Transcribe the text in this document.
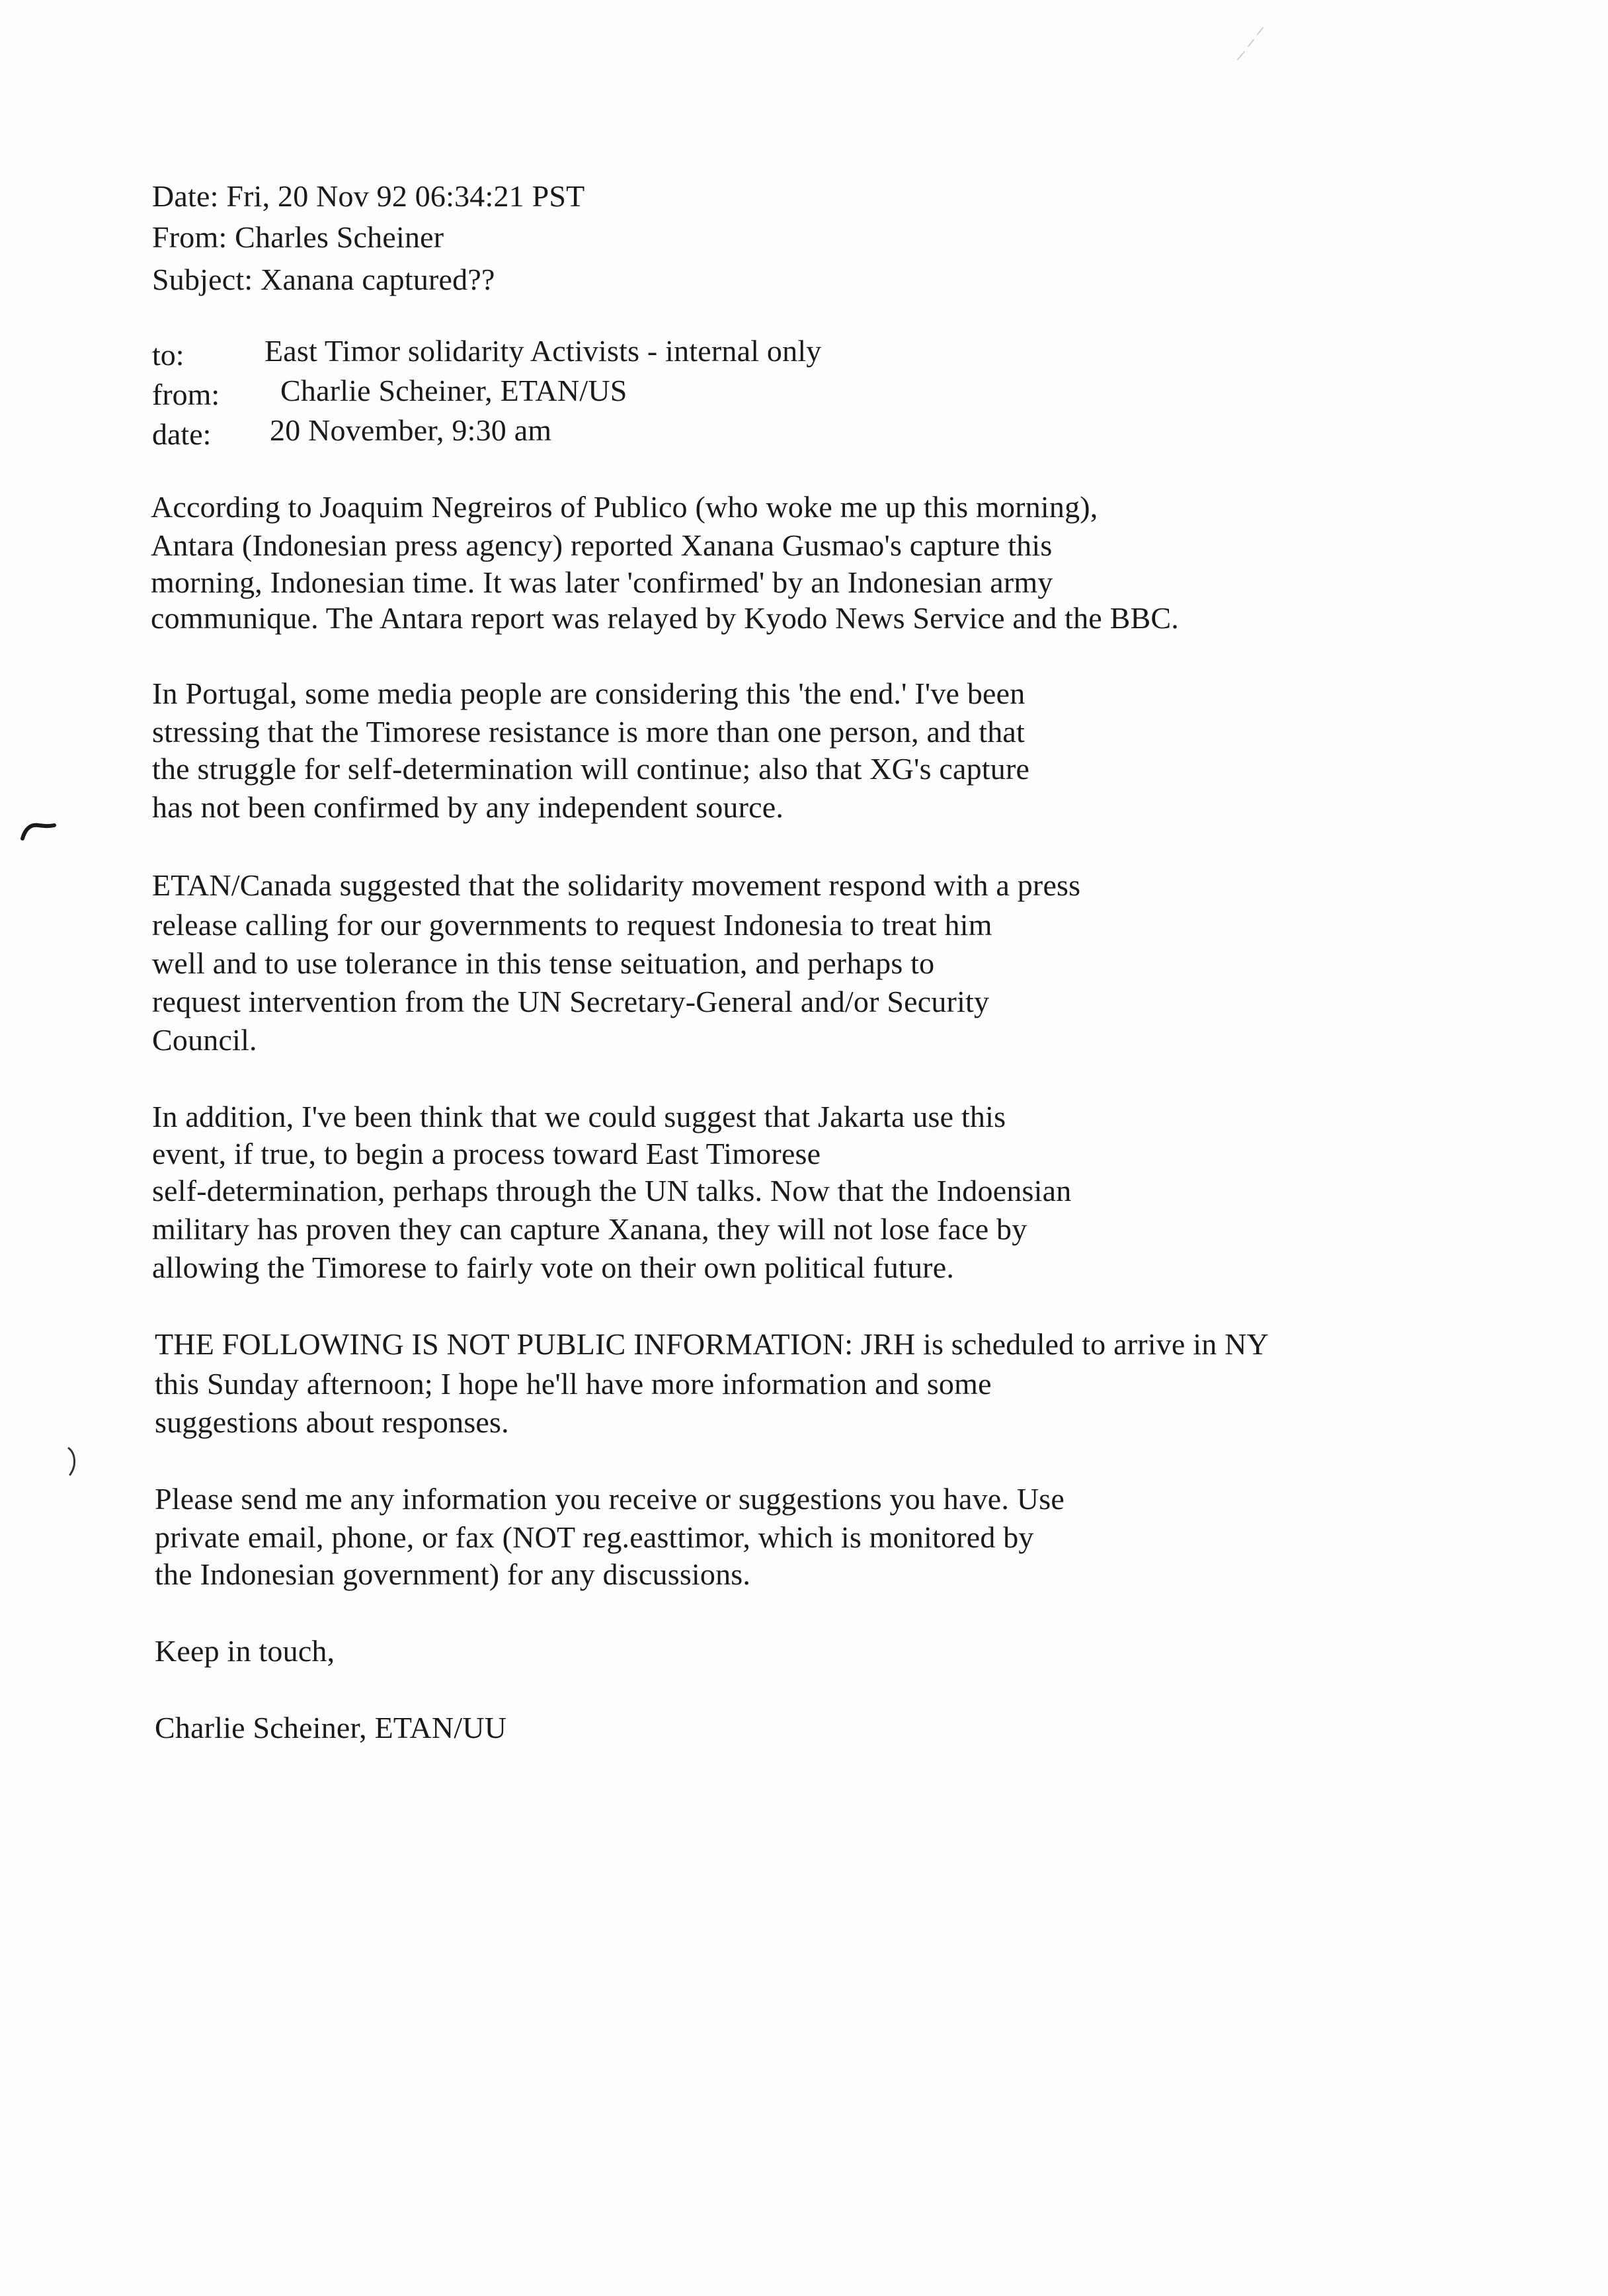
Date: Fri, 20 Nov 92 06:34:21 PST
From: Charles Scheiner
Subject: Xanana captured??
to:	East Timor solidarity Activists - internal only
from: Charlie Scheiner, ETAN/US
date: 20 November, 9:30 am
According to Joaquim Negreiros of Publico (who woke me up this morning),
Antara (Indonesian press agency) reported Xanana Gusmao's capture this
morning, Indonesian time. It was later 'confirmed' by an Indonesian army
communique. The Antara report was relayed by Kyodo News Service and the BBC.
In Portugal, some media people are considering this 'the end.' I've been
stressing that the Timorese resistance is more than one person, and that
the struggle for self-determination will continue; also that XG's capture
has not been confirmed by any independent source.
ETAN/Canada suggested that the solidarity movement respond with a press
release calling for our governments to request Indonesia to treat him
well and to use tolerance in this tense seituation, and perhaps to
request intervention from the UN Secretary-General and/or Security
Council.
In addition, I've been think that we could suggest that Jakarta use this
event, if true, to begin a process toward East Timorese
self-determination, perhaps through the UN talks. Now that the Indoensian
military has proven they can capture Xanana, they will not lose face by
allowing the Timorese to fairly vote on their own political future.
THE FOLLOWING IS NOT PUBLIC INFORMATION: JRH is scheduled to arrive in NY
this Sunday afternoon; I hope he'll have more information and some
suggestions about responses.
Please send me any information you receive or suggestions you have. Use
private email, phone, or fax (NOT reg.easttimor, which is monitored by
the Indonesian government) for any discussions.
Keep in touch,
Charlie Scheiner, ETAN/UU
